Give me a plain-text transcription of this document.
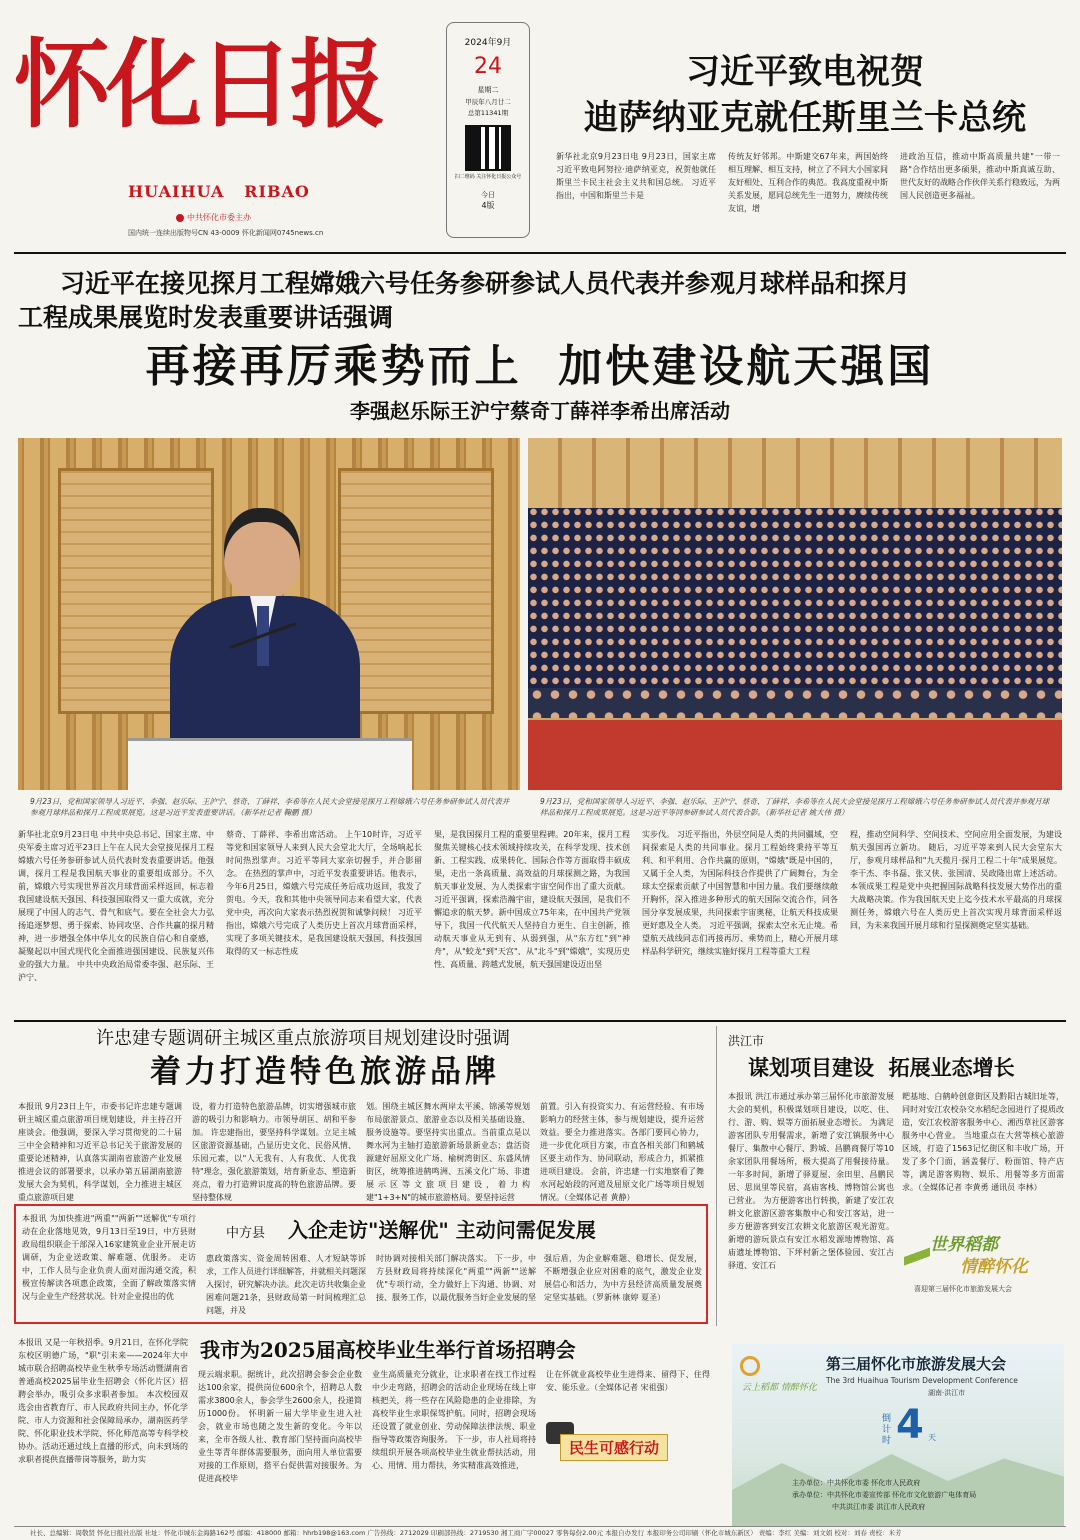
怀化日报
HUAIHUA   RIBAO
中共怀化市委主办
国内统一连续出版物号CN 43-0009 怀化新闻网0745news.cn
2024年9月
24
星期二
甲辰年八月廿二
总第11341期
扫二维码 关注怀化日报公众号
今日
4版
习近平致电祝贺
迪萨纳亚克就任斯里兰卡总统
新华社北京9月23日电 9月23日，国家主席习近平致电阿努拉·迪萨纳亚克，祝贺他就任斯里兰卡民主社会主义共和国总统。 习近平指出，中国和斯里兰卡是
传统友好邻邦。中斯建交67年来，两国始终相互理解、相互支持，树立了不同大小国家间友好相处、互利合作的典范。我高度重视中斯关系发展，愿同总统先生一道努力，赓续传统友谊，增
进政治互信，推动中斯高质量共建"一带一路"合作结出更多硕果，推动中斯真诚互助、世代友好的战略合作伙伴关系行稳致远，为两国人民创造更多福祉。
习近平在接见探月工程嫦娥六号任务参研参试人员代表并参观月球样品和探月
工程成果展览时发表重要讲话强调
再接再厉乘势而上  加快建设航天强国
李强赵乐际王沪宁蔡奇丁薛祥李希出席活动
9月23日，党和国家领导人习近平、李强、赵乐际、王沪宁、蔡奇、丁薛祥、李希等在人民大会堂接见探月工程嫦娥六号任务参研参试人员代表并参观月球样品和探月工程成果展览。这是习近平发表重要讲话。（新华社记者 鞠鹏 摄）
9月23日，党和国家领导人习近平、李强、赵乐际、王沪宁、蔡奇、丁薛祥、李希等在人民大会堂接见探月工程嫦娥六号任务参研参试人员代表并参观月球样品和探月工程成果展览。这是习近平等同参研参试人员代表合影。（新华社记者 姚大伟 摄）
新华社北京9月23日电 中共中央总书记、国家主席、中央军委主席习近平23日上午在人民大会堂接见探月工程嫦娥六号任务参研参试人员代表时发表重要讲话。他强调，探月工程是我国航天事业的重要组成部分。不久前，嫦娥六号实现世界首次月球背面采样返回，标志着我国建设航天强国、科技强国取得又一重大成就，充分展现了中国人的志气、骨气和底气。要在全社会大力弘扬追逐梦想、勇于探索、协同攻坚、合作共赢的探月精神，进一步增强全体中华儿女的民族自信心和自豪感，凝聚起以中国式现代化全面推进强国建设、民族复兴伟业的强大力量。 中共中央政治局常委李强、赵乐际、王沪宁、
蔡奇、丁薛祥、李希出席活动。 上午10时许，习近平等党和国家领导人来到人民大会堂北大厅，全场响起长时间热烈掌声。习近平等同大家亲切握手，并合影留念。 在热烈的掌声中，习近平发表重要讲话。他表示，今年6月25日，嫦娥六号完成任务后成功返回，我发了贺电。今天，我和其他中央领导同志来看望大家，代表党中央，再次向大家表示热烈祝贺和诚挚问候！ 习近平指出，嫦娥六号完成了人类历史上首次月球背面采样，实现了多项关键技术，是我国建设航天强国、科技强国取得的又一标志性成
果，是我国探月工程的重要里程碑。20年来，探月工程聚焦关键核心技术领域持续攻关，在科学发现、技术创新、工程实践、成果转化、国际合作等方面取得丰硕成果，走出一条高质量、高效益的月球探测之路，为我国航天事业发展、为人类探索宇宙空间作出了重大贡献。 习近平强调，探索浩瀚宇宙，建设航天强国，是我们不懈追求的航天梦。新中国成立75年来，在中国共产党领导下，我国一代代航天人坚持自力更生、自主创新，推动航天事业从无到有、从弱到强，从"东方红"到"神舟"，从"蛟龙"到"天宫"、从"北斗"到"嫦娥"，实现历史性、高质量、跨越式发展，航天强国建设迈出坚
实步伐。 习近平指出，外层空间是人类的共同疆域，空间探索是人类的共同事业。探月工程始终秉持平等互利、和平利用、合作共赢的原则，"嫦娥"既是中国的，又属于全人类，为国际科技合作提供了广阔舞台，为全球太空探索贡献了中国智慧和中国力量。我们要继续敞开胸怀，深入推进多种形式的航天国际交流合作，同各国分享发展成果，共同探索宇宙奥秘，让航天科技成果更好惠及全人类。 习近平强调，探索太空永无止境。希望航天战线同志们再接再厉、乘势而上，精心开展月球样品科学研究，继续实施好探月工程等重大工程
程，推动空间科学、空间技术、空间应用全面发展，为建设航天强国再立新功。 随后，习近平等来到人民大会堂东大厅，参观月球样品和"九天揽月·探月工程二十年"成果展览。 李干杰、李书磊、张又侠、张国清、吴政隆出席上述活动。 本领成果工程是党中央把握国际战略科技发展大势作出的重大战略决策。作为我国航天史上迄今技术水平最高的月球探测任务，嫦娥六号在人类历史上首次实现月球背面采样返回，为未来我国开展月球和行星探测奠定坚实基础。
许忠建专题调研主城区重点旅游项目规划建设时强调
着力打造特色旅游品牌
本报讯 9月23日上午，市委书记许忠建专题调研主城区重点旅游项目规划建设，并主持召开座谈会。他强调，要深入学习贯彻党的二十届三中全会精神和习近平总书记关于旅游发展的重要论述精神，认真落实湖南省旅游产业发展推进会议的部署要求，以承办第五届湖南旅游发展大会为契机，科学谋划，全力推进主城区重点旅游项目建
设，着力打造特色旅游品牌，切实增强城市旅游的吸引力和影响力。市领导胡匡、胡和平参加。 许忠建指出，要坚持科学谋划。立足主城区旅游资源基础，凸显历史文化、民俗风情、乐园元素，以"人无我有、人有我优、人优我特"理念，强化旅游策划，培育新业态、塑造新亮点，着力打造辨识度高的特色旅游品牌。要坚持整体规
划。围绕主城区舞水两岸太平溪、锦溪等规划布局旅游景点、旅游业态以及相关基础设施、服务设施等。要坚持实出重点。当前重点是以舞水河为主轴打造旅游新场景新业态；盘活资源建好屈原文化广场、榆树湾街区、东盛风情街区，统筹推进鹤鸣洲、五溪文化广场、非遗展示区等文旅项目建设，着力构建"1+3+N"的城市旅游格局。要坚持运营
前置。引入有投资实力、有运营经验、有市场影响力的经营主体，参与规划建设，提升运营效益。要全力推进落实。各部门要同心协力，进一步优化项目方案，市直各相关部门和鹤城区要主动作为、协同联动，形成合力，抓紧推进项目建设。 会前，许忠建一行实地察看了舞水河起始段的河道及屈原文化广场等项目规划情况。（全媒体记者 黄静）
洪江市
谋划项目建设  拓展业态增长
本报讯 洪江市通过承办第三届怀化市旅游发展大会的契机，积极谋划项目建设，以吃、住、行、游、购、娱等方面拓展业态增长。 为满足游客团队专用餐需求，新增了安江镇服务中心餐厅、集散中心餐厅、黔城、昌鹏商餐厅等10余家团队用餐场所，极大提高了用餐接待量。 一年多时间，新增了驿夏屋、余田里、昌鹏民居、思岚里等民宿，高庙客栈、博物馆公寓也已营业。 为方便游客出行转换，新建了安江农耕文化旅游区游客集散中心和安江客站，进一步方便游客到安江农耕文化旅游区观光游览。 新增的游玩景点有安江水稻发源地博物馆、高庙遗址博物馆、下坪村新之堡体验园、安江古驿道、安江石
耙基地、白鹤岭创意街区及黔阳古城旧址等，同时对安江农校杂交水稻纪念园进行了提质改造，安江农校游客服务中心、湘西草社区游客服务中心营业。 当地重点在大营等核心旅游区域，打造了1563记忆街区和丰收广场，开发了多个门面，涵盖餐厅、粉面馆、特产店等，满足游客购物、娱乐、用餐等多方面需求。（全媒体记者 李黄勇 通讯员 李林）
世界稻都
情醉怀化
喜迎第三届怀化市旅游发展大会
中方县 入企走访"送解优" 主动问需促发展
本报讯 为加快推进"两重""两新""送解优"专项行动在企业落地见效，9月13日至19日，中方县财政局组织联企干部深入16家建筑业企业开展走访调研，为企业送政策、解难题、优服务。 走访中，工作人员与企业负责人面对面沟通交流，积极宣传解读各项惠企政策，全面了解政策落实情况与企业生产经营状况。针对企业提出的优
惠政策落实、资金周转困难、人才短缺等诉求，工作人员进行详细解答，并就相关问题深入探讨，研究解决办法。此次走访共收集企业困难问题21条，县财政局第一时间梳理汇总问题，并及
时协调对接相关部门解决落实。 下一步，中方县财政局将持续深化"两重""两新""送解优"专项行动，全力做好上下沟通、协调、对接、服务工作，以最优服务当好企业发展的坚
强后盾，为企业解难题、稳增长、促发展，不断增强企业应对困难的底气，激发企业发展信心和活力，为中方县经济高质量发展奠定坚实基础。（罗新林 康婷 夏圣）
我市为2025届高校毕业生举行首场招聘会
本报讯 又是一年秋招季。9月21日，在怀化学院东校区明德广场，"职"引未来——2024年大中城市联合招聘高校毕业生秋季专场活动暨湖南省普通高校2025届毕业生招聘会（怀化片区）招聘会举办，吸引众多求职者参加。 本次校园双选会由省教育厅、市人民政府共同主办，怀化学院、市人力资源和社会保障局承办，湖南医药学院、怀化职业技术学院、怀化师范高等专科学校协办。活动还通过线上直播的形式，向未到场的求职者提供直播带岗等服务，助力实
现云端求职。据统计，此次招聘会参会企业数达100余家，提供岗位600余个，招聘总人数需求3800余人，参会学生2600余人，投递简历1000份。 怀明新一届大学毕业生进入社会，就业市场也随之发生新的变化。今年以来，全市各级人社、教育部门坚持面向高校毕业生等青年群体需要服务，面向用人单位需要对接的工作原则，搭平台促供需对接服务。为促进高校毕
业生高质量充分就业，让求职者在找工作过程中少走弯路，招聘会的活动企业现场在线上审核把关，将一些存在风险隐患的企业排除，为高校毕业生求职保驾护航。同时，招聘会现场还设置了就业创业、劳动保障法律法规、职业指导等政策咨询服务。 下一步，市人社局将持续组织开展各项高校毕业生就业帮扶活动，用心、用情、用力帮扶，务实精准高效推进，
让在怀就业高校毕业生进得来、留得下、住得安、能乐业。（全媒体记者 宋祖强）
民生可感行动
云上稻都 情醉怀化
第三届怀化市旅游发展大会
The 3rd Huaihua Tourism Development Conference
湖南·洪江市
倒计时 4 天
主办单位：中共怀化市委 怀化市人民政府
承办单位：中共怀化市委宣传部 怀化市文化旅游广电体育局
中共洪江市委 洪江市人民政府
社长、总编辑：周敬贤 怀化日报社出版 社址：怀化市城东金海路162号 邮编：418000 邮箱：hhrb198@163.com 广告热线：2712029 印刷部热线：2719530 湘工商广字00027 零售每份2.00元 本报自办发行 本报印务公司印刷（怀化市城东新区） 责编：李红 美编：刘文娟 校对：刘春 责校：米芳
